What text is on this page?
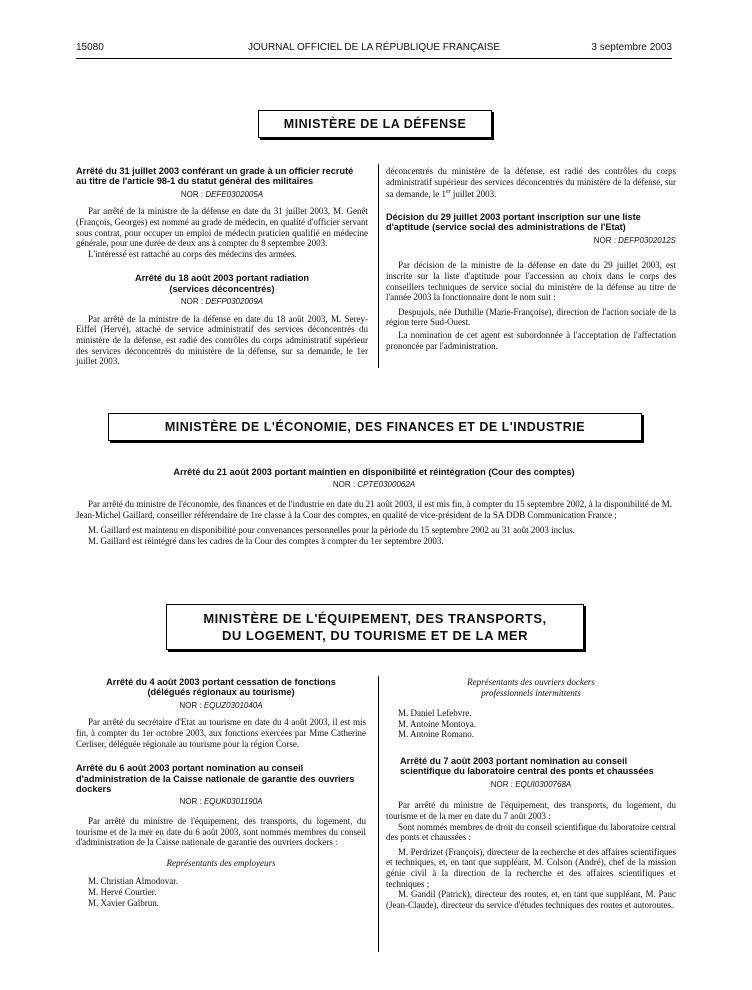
15080	JOURNAL OFFICIEL DE LA RÉPUBLIQUE FRANÇAISE	3 septembre 2003
MINISTÈRE DE LA DÉFENSE
Arrêté du 31 juillet 2003 conférant un grade à un officier recruté au titre de l'article 98-1 du statut général des militaires
NOR : DEFE0302005A

Par arrêté de la ministre de la défense en date du 31 juillet 2003, M. Genêt (François, Georges) est nommé au grade de médecin, en qualité d'officier servant sous contrat, pour occuper un emploi de médecin praticien qualifié en médecine générale, pour une durée de deux ans à compter du 8 septembre 2003.

L'intéressé est rattaché au corps des médecins des armées.

Arrêté du 18 août 2003 portant radiation (services déconcentrés)
NOR : DEFP0302009A

Par arrêté de la ministre de la défense en date du 18 août 2003, M. Serey-Eiffel (Hervé), attaché de service administratif des services déconcentrés du ministère de la défense, est radié des contrôles du corps administratif supérieur des services déconcentrés du ministère de la défense, sur sa demande, le 1er juillet 2003.

déconcentrés du ministère de la défense, est radié des contrôles du corps administratif supérieur des services déconcentrés du ministère de la défense, sur sa demande, le 1er juillet 2003.

Décision du 29 juillet 2003 portant inscription sur une liste d'aptitude (service social des administrations de l'Etat)
NOR : DEFP0302012S

Par décision de la ministre de la défense en date du 29 juillet 2003, est inscrite sur la liste d'aptitude pour l'accession au choix dans le corps des conseillers techniques de service social du ministère de la défense au titre de l'année 2003 la fonctionnaire dont le nom suit :

Despujols, née Duthille (Marie-Françoise), direction de l'action sociale de la région terre Sud-Ouest.

La nomination de cet agent est subordonnée à l'acceptation de l'affectation prononcée par l'administration.

MINISTÈRE DE L'ÉCONOMIE, DES FINANCES ET DE L'INDUSTRIE
Arrêté du 21 août 2003 portant maintien en disponibilité et réintégration (Cour des comptes)
NOR : CPTE0300062A

Par arrêté du ministre de l'économie, des finances et de l'industrie en date du 21 août 2003, il est mis fin, à compter du 15 septembre 2002, à la disponibilité de M. Jean-Michel Gaillard, conseiller référendaire de 1re classe à la Cour des comptes, en qualité de vice-président de la SA DDB Communication France ;

M. Gaillard est maintenu en disponibilité pour convenances personnelles pour la période du 15 septembre 2002 au 31 août 2003 inclus.

M. Gaillard est réintégré dans les cadres de la Cour des comptes à compter du 1er septembre 2003.

MINISTÈRE DE L'ÉQUIPEMENT, DES TRANSPORTS,
DU LOGEMENT, DU TOURISME ET DE LA MER
Arrêté du 4 août 2003 portant cessation de fonctions (délégués régionaux au tourisme)
NOR : EQUZ0301040A

Par arrêté du secrétaire d'Etat au tourisme en date du 4 août 2003, il est mis fin, à compter du 1er octobre 2003, aux fonctions exercées par Mme Catherine Cerliser, déléguée régionale au tourisme pour la région Corse.

Arrêté du 6 août 2003 portant nomination au conseil d'administration de la Caisse nationale de garantie des ouvriers dockers
NOR : EQUK0301190A

Par arrêté du ministre de l'équipement, des transports, du logement, du tourisme et de la mer en date du 6 août 2003, sont nommés membres du conseil d'administration de la Caisse nationale de garantie des ouvriers dockers :

Représentants des employeurs

M. Christian Almodovar.

M. Hervé Courtier.

M. Xavier Galbrun.

Représentants des ouvriers dockers
professionnels intermittents

M. Daniel Lefebvre.

M. Antoine Montoya.

M. Antoine Romano.

Arrêté du 7 août 2003 portant nomination au conseil scientifique du laboratoire central des ponts et chaussées
NOR : EQUI0300768A

Par arrêté du ministre de l'équipement, des transports, du logement, du tourisme et de la mer en date du 7 août 2003 :

Sont nommés membres de droit du conseil scientifique du laboratoire central des ponts et chaussées :

M. Perdrizet (François), directeur de la recherche et des affaires scientifiques et techniques, et, en tant que suppléant, M. Colson (André), chef de la mission génie civil à la direction de la recherche et des affaires scientifiques et techniques ;

M. Gandil (Patrick), directeur des routes, et, en tant que suppléant, M. Pauc (Jean-Claude), directeur du service d'études techniques des routes et autoroutes.
